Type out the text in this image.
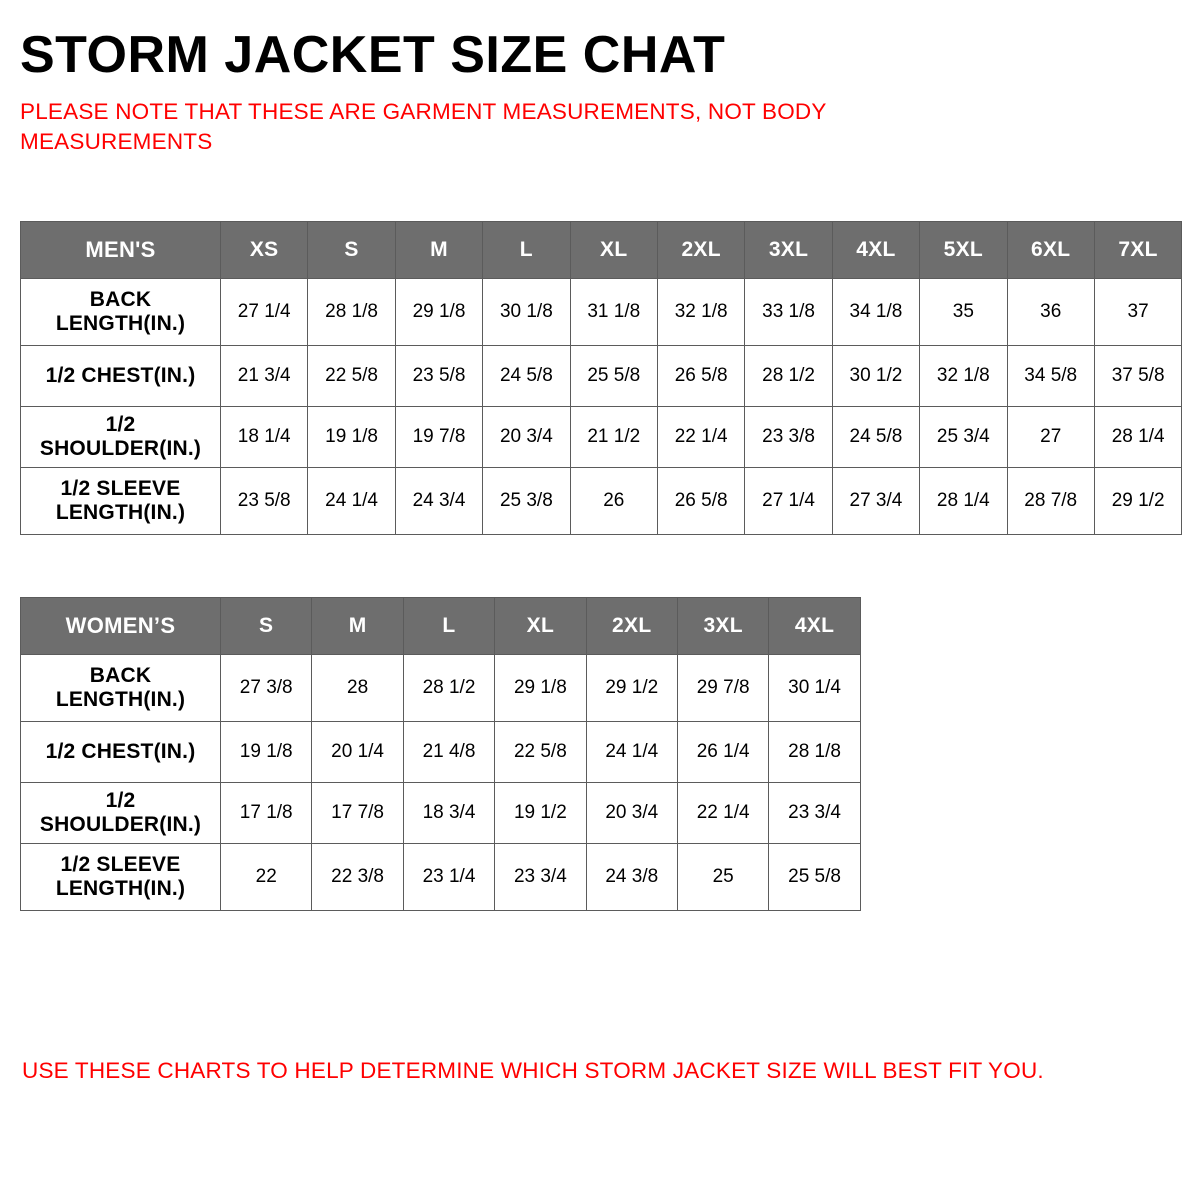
STORM JACKET SIZE CHAT

PLEASE NOTE THAT THESE ARE GARMENT MEASUREMENTS, NOT BODY MEASUREMENTS

MEN'S	XS	S	M	L	XL	2XL	3XL	4XL	5XL	6XL	7XL
BACK LENGTH(IN.)	27 1/4	28 1/8	29 1/8	30 1/8	31 1/8	32 1/8	33 1/8	34 1/8	35	36	37
1/2 CHEST(IN.)	21 3/4	22 5/8	23 5/8	24 5/8	25 5/8	26 5/8	28 1/2	30 1/2	32 1/8	34 5/8	37 5/8
1/2 SHOULDER(IN.)	18 1/4	19 1/8	19 7/8	20 3/4	21 1/2	22 1/4	23 3/8	24 5/8	25 3/4	27	28 1/4
1/2 SLEEVE LENGTH(IN.)	23 5/8	24 1/4	24 3/4	25 3/8	26	26 5/8	27 1/4	27 3/4	28 1/4	28 7/8	29 1/2
WOMEN’S	S	M	L	XL	2XL	3XL	4XL
BACK LENGTH(IN.)	27 3/8	28	28 1/2	29 1/8	29 1/2	29 7/8	30 1/4
1/2 CHEST(IN.)	19 1/8	20 1/4	21 4/8	22 5/8	24 1/4	26 1/4	28 1/8
1/2 SHOULDER(IN.)	17 1/8	17 7/8	18 3/4	19 1/2	20 3/4	22 1/4	23 3/4
1/2 SLEEVE LENGTH(IN.)	22	22 3/8	23 1/4	23 3/4	24 3/8	25	25 5/8

USE THESE CHARTS TO HELP DETERMINE WHICH STORM JACKET SIZE WILL BEST FIT YOU.
